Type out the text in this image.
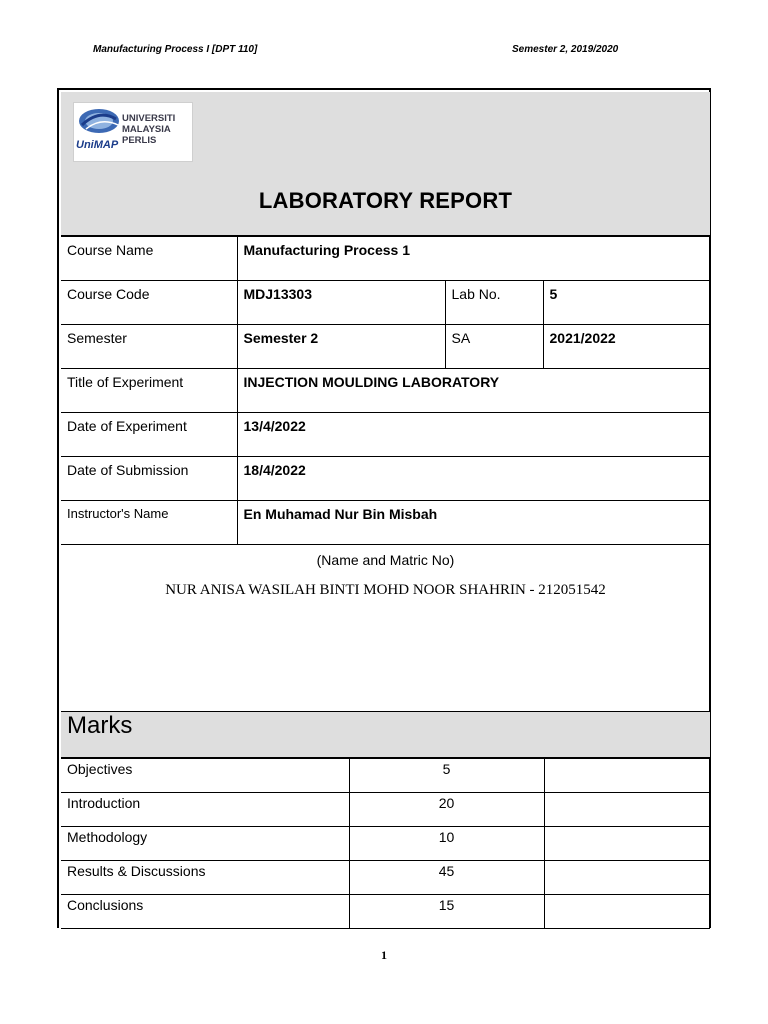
Manufacturing Process I [DPT 110]	Semester 2, 2019/2020
UniMAP
UNIVERSITI
MALAYSIA
PERLIS
LABORATORY REPORT
Course Name	Manufacturing Process 1		
Course Code	MDJ13303	Lab No.	5
Semester	Semester 2	SA	2021/2022
Title of Experiment	INJECTION MOULDING LABORATORY		
Date of Experiment	13/4/2022		
Date of Submission	18/4/2022		
Instructor's Name	En Muhamad Nur Bin Misbah		
(Name and Matric No)
NUR ANISA WASILAH BINTI MOHD NOOR SHAHRIN - 212051542
Marks
Objectives	5	
Introduction	20	
Methodology	10	
Results & Discussions	45	
Conclusions	15	
1
